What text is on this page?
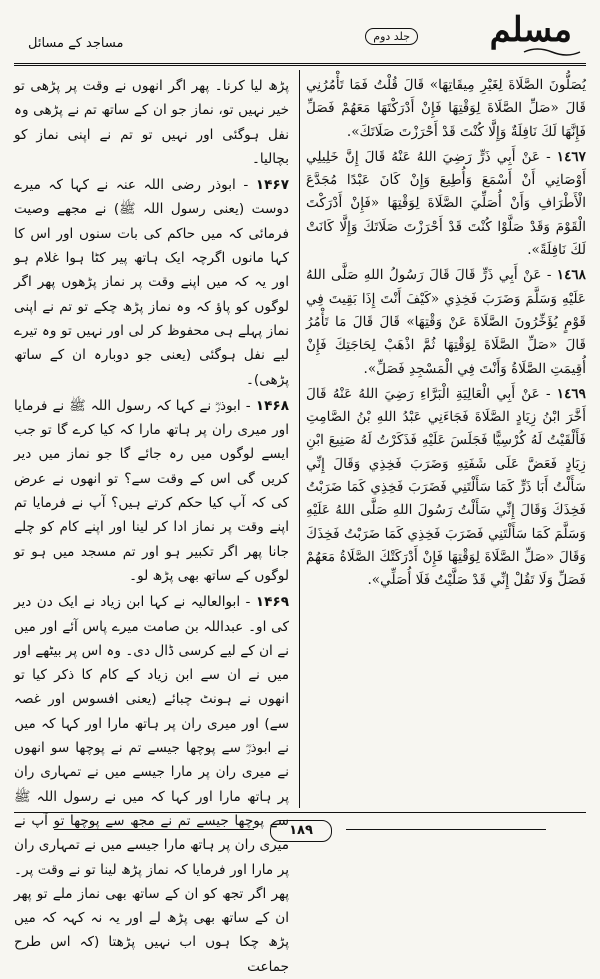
مسلم
جلد دوم
مساجد کے مسائل

پڑھ لیا کرنا۔ پھر اگر انھوں نے وقت پر پڑھی تو خیر نہیں تو، نماز جو ان کے ساتھ تم نے پڑھی وہ نفل ہوگئی اور نہیں تو تم نے اپنی نماز کو بچالیا۔

۱۴۶۷ - ابوذر رضی اللہ عنہ نے کہا کہ میرے دوست (یعنی رسول اللہ ﷺ) نے مجھے وصیت فرمائی کہ میں حاکم کی بات سنوں اور اس کا کہا مانوں اگرچہ ایک ہاتھ پیر کٹا ہوا غلام ہو اور یہ کہ میں اپنے وقت پر نماز پڑھوں پھر اگر لوگوں کو پاؤ کہ وہ نماز پڑھ چکے تو تم نے اپنی نماز پہلے ہی محفوظ کر لی اور نہیں تو وہ تیرے لیے نفل ہوگئی (یعنی جو دوبارہ ان کے ساتھ پڑھی)۔

۱۴۶۸ - ابوذرؓ نے کہا کہ رسول اللہ ﷺ نے فرمایا اور میری ران پر ہاتھ مارا کہ کیا کرے گا تو جب ایسے لوگوں میں رہ جائے گا جو نماز میں دیر کریں گی اس کے وقت سے؟ تو انھوں نے عرض کی کہ آپ کیا حکم کرتے ہیں؟ آپ نے فرمایا تم اپنے وقت پر نماز ادا کر لینا اور اپنے کام کو چلے جانا پھر اگر تکبیر ہو اور تم مسجد میں ہو تو لوگوں کے ساتھ بھی پڑھ لو۔

۱۴۶۹ - ابوالعالیہ نے کہا ابن زیاد نے ایک دن دیر کی او۔ عبداللہ بن صامت میرے پاس آئے اور میں نے ان کے لیے کرسی ڈال دی۔ وہ اس پر بیٹھے اور میں نے ان سے ابن زیاد کے کام کا ذکر کیا تو انھوں نے ہونٹ چبائے (یعنی افسوس اور غصہ سے) اور میری ران پر ہاتھ مارا اور کہا کہ میں نے ابوذرؓ سے پوچھا جیسے تم نے پوچھا سو انھوں نے میری ران پر مارا جیسے میں نے تمہاری ران پر ہاتھ مارا اور کہا کہ میں نے رسول اللہ ﷺ سے پوچھا جیسے تم نے مجھ سے پوچھا تو آپ نے میری ران پر ہاتھ مارا جیسے میں نے تمہاری ران پر مارا اور فرمایا کہ نماز پڑھ لینا تو نے وقت پر۔ پھر اگر تجھ کو ان کے ساتھ بھی نماز ملے تو پھر ان کے ساتھ بھی پڑھ لے اور یہ نہ کہہ کہ میں پڑھ چکا ہوں اب نہیں پڑھتا (کہ اس طرح جماعت

يُصَلُّونَ الصَّلَاةَ لِغَيْرِ مِيقَاتِهَا» قَالَ قُلْتُ فَمَا تَأْمُرُنِي قَالَ «صَلِّ الصَّلَاةَ لِوَقْتِهَا فَإِنْ أَدْرَكْتَهَا مَعَهُمْ فَصَلِّ فَإِنَّهَا لَكَ نَافِلَةٌ وَإِلَّا كُنْتَ قَدْ أَحْرَزْتَ صَلَاتَكَ».

١٤٦٧ - عَنْ أَبِي ذَرٍّ رَضِيَ اللهُ عَنْهُ قَالَ إِنَّ خَلِيلِي أَوْصَانِي أَنْ أَسْمَعَ وَأُطِيعَ وَإِنْ كَانَ عَبْدًا مُجَدَّعَ الْأَطْرَافِ وَأَنْ أُصَلِّيَ الصَّلَاةَ لِوَقْتِهَا «فَإِنْ أَدْرَكْتَ الْقَوْمَ وَقَدْ صَلَّوْا كُنْتَ قَدْ أَحْرَزْتَ صَلَاتَكَ وَإِلَّا كَانَتْ لَكَ نَافِلَةً».

١٤٦٨ - عَنْ أَبِي ذَرٍّ قَالَ قَالَ رَسُولُ اللهِ صَلَّى اللهُ عَلَيْهِ وَسَلَّمَ وَضَرَبَ فَخِذِي «كَيْفَ أَنْتَ إِذَا بَقِيتَ فِي قَوْمٍ يُؤَخِّرُونَ الصَّلَاةَ عَنْ وَقْتِهَا» قَالَ قَالَ مَا تَأْمُرُ قَالَ «صَلِّ الصَّلَاةَ لِوَقْتِهَا ثُمَّ اذْهَبْ لِحَاجَتِكَ فَإِنْ أُقِيمَتِ الصَّلَاةُ وَأَنْتَ فِي الْمَسْجِدِ فَصَلِّ».

١٤٦٩ - عَنْ أَبِي الْعَالِيَةِ الْبَرَّاءِ رَضِيَ اللهُ عَنْهُ قَالَ أَخَّرَ ابْنُ زِيَادٍ الصَّلَاةَ فَجَاءَنِي عَبْدُ اللهِ بْنُ الصَّامِتِ فَأَلْقَيْتُ لَهُ كُرْسِيًّا فَجَلَسَ عَلَيْهِ فَذَكَرْتُ لَهُ صَنِيعَ ابْنِ زِيَادٍ فَعَضَّ عَلَى شَفَتِهِ وَضَرَبَ فَخِذِي وَقَالَ إِنِّي سَأَلْتُ أَبَا ذَرٍّ كَمَا سَأَلْتَنِي فَضَرَبَ فَخِذِي كَمَا ضَرَبْتُ فَخِذَكَ وَقَالَ إِنِّي سَأَلْتُ رَسُولَ اللهِ صَلَّى اللهُ عَلَيْهِ وَسَلَّمَ كَمَا سَأَلْتَنِي فَضَرَبَ فَخِذِي كَمَا ضَرَبْتُ فَخِذَكَ وَقَالَ «صَلِّ الصَّلَاةَ لِوَقْتِهَا فَإِنْ أَدْرَكَتْكَ الصَّلَاةُ مَعَهُمْ فَصَلِّ وَلَا تَقُلْ إِنِّي قَدْ صَلَّيْتُ فَلَا أُصَلِّي».

۱۸۹
